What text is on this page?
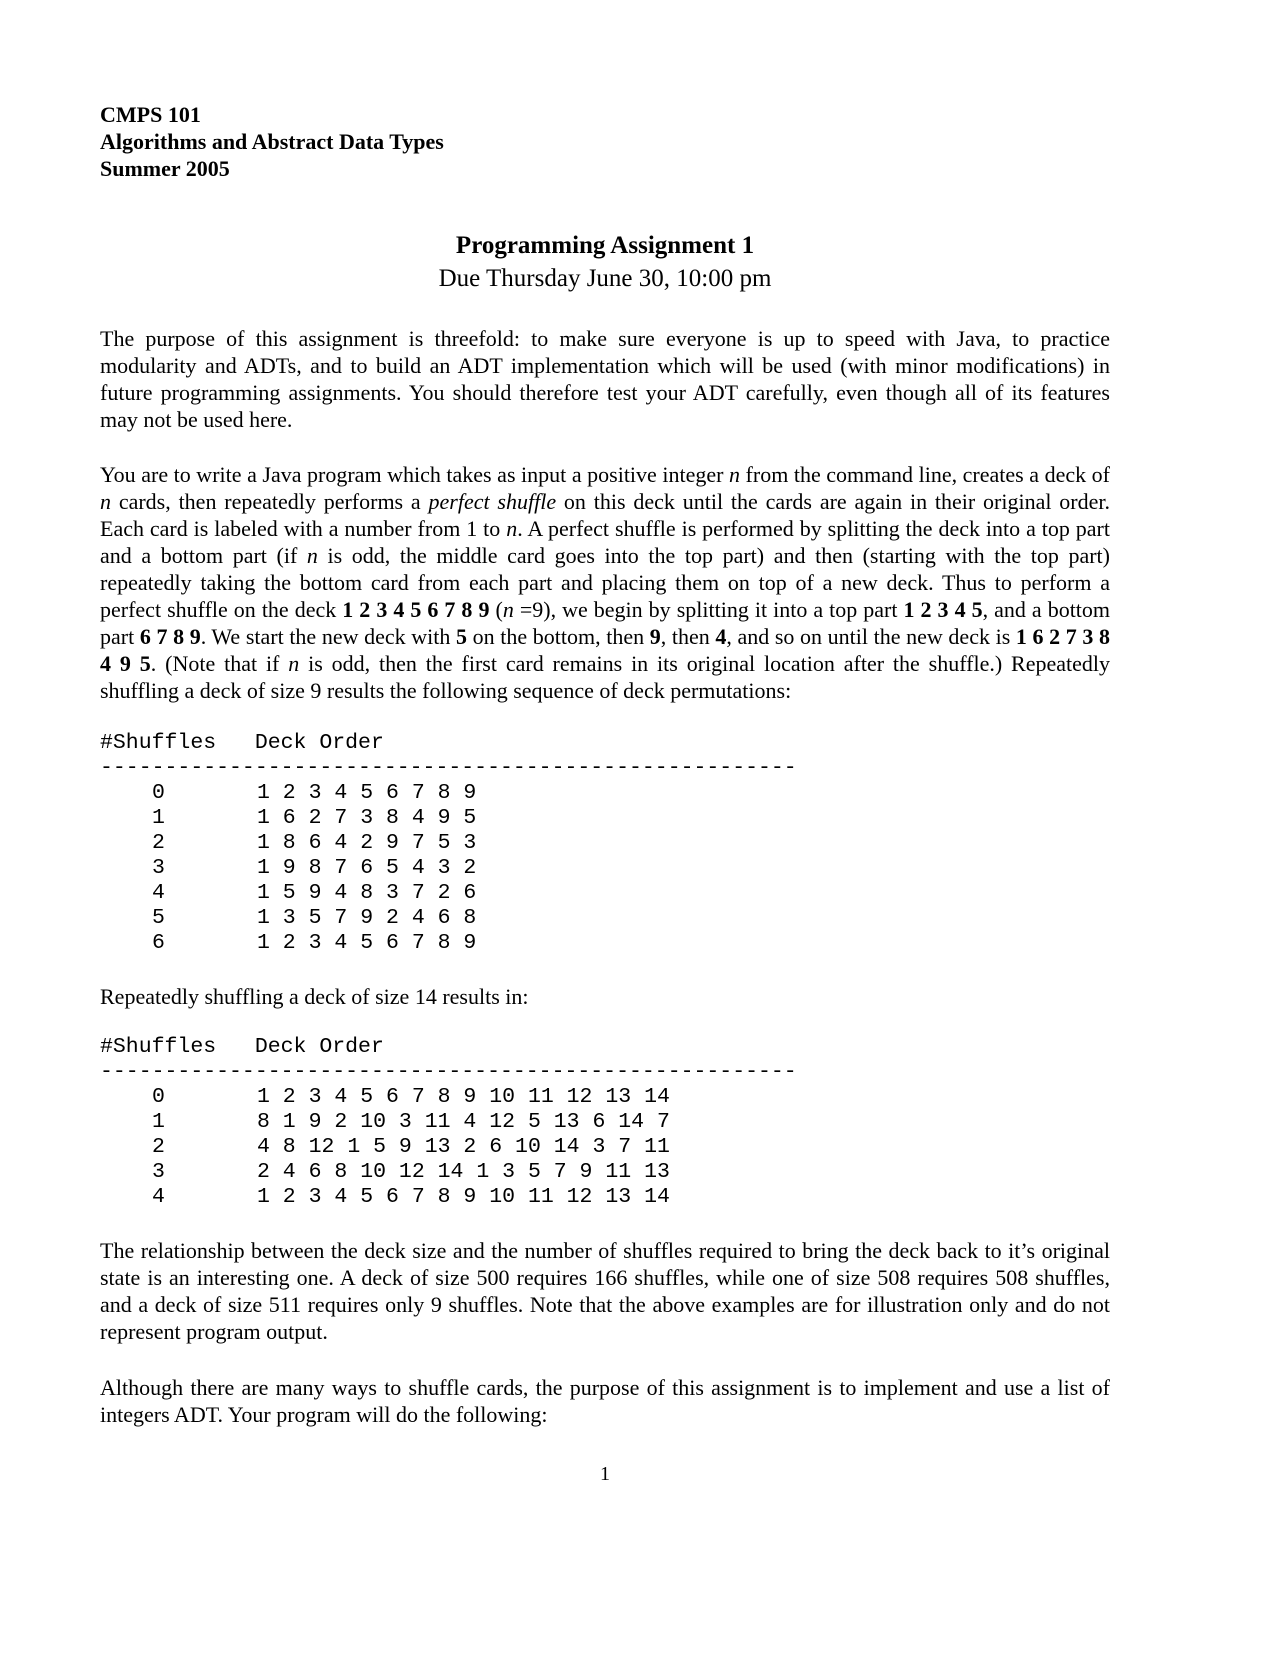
CMPS 101
Algorithms and Abstract Data Types
Summer 2005
Programming Assignment 1
Due Thursday June 30, 10:00 pm
The purpose of this assignment is threefold: to make sure everyone is up to speed with Java, to practice modularity and ADTs, and to build an ADT implementation which will be used (with minor modifications) in future programming assignments. You should therefore test your ADT carefully, even though all of its features may not be used here.
You are to write a Java program which takes as input a positive integer n from the command line, creates a deck of n cards, then repeatedly performs a perfect shuffle on this deck until the cards are again in their original order. Each card is labeled with a number from 1 to n. A perfect shuffle is performed by splitting the deck into a top part and a bottom part (if n is odd, the middle card goes into the top part) and then (starting with the top part) repeatedly taking the bottom card from each part and placing them on top of a new deck. Thus to perform a perfect shuffle on the deck 1 2 3 4 5 6 7 8 9 (n =9), we begin by splitting it into a top part 1 2 3 4 5, and a bottom part 6 7 8 9. We start the new deck with 5 on the bottom, then 9, then 4, and so on until the new deck is 1 6 2 7 3 8 4 9 5. (Note that if n is odd, then the first card remains in its original location after the shuffle.) Repeatedly shuffling a deck of size 9 results the following sequence of deck permutations:
#Shuffles Deck Order
------------------------------------------------------
0	1 2 3 4 5 6 7 8 9
1	1 6 2 7 3 8 4 9 5
2	1 8 6 4 2 9 7 5 3
3	1 9 8 7 6 5 4 3 2
4	1 5 9 4 8 3 7 2 6
5	1 3 5 7 9 2 4 6 8
6	1 2 3 4 5 6 7 8 9
Repeatedly shuffling a deck of size 14 results in:
#Shuffles Deck Order
------------------------------------------------------
0	1 2 3 4 5 6 7 8 9 10 11 12 13 14
1	8 1 9 2 10 3 11 4 12 5 13 6 14 7
2	4 8 12 1 5 9 13 2 6 10 14 3 7 11
3	2 4 6 8 10 12 14 1 3 5 7 9 11 13
4	1 2 3 4 5 6 7 8 9 10 11 12 13 14
The relationship between the deck size and the number of shuffles required to bring the deck back to it’s original state is an interesting one. A deck of size 500 requires 166 shuffles, while one of size 508 requires 508 shuffles, and a deck of size 511 requires only 9 shuffles. Note that the above examples are for illustration only and do not represent program output.
Although there are many ways to shuffle cards, the purpose of this assignment is to implement and use a list of integers ADT. Your program will do the following:
1
